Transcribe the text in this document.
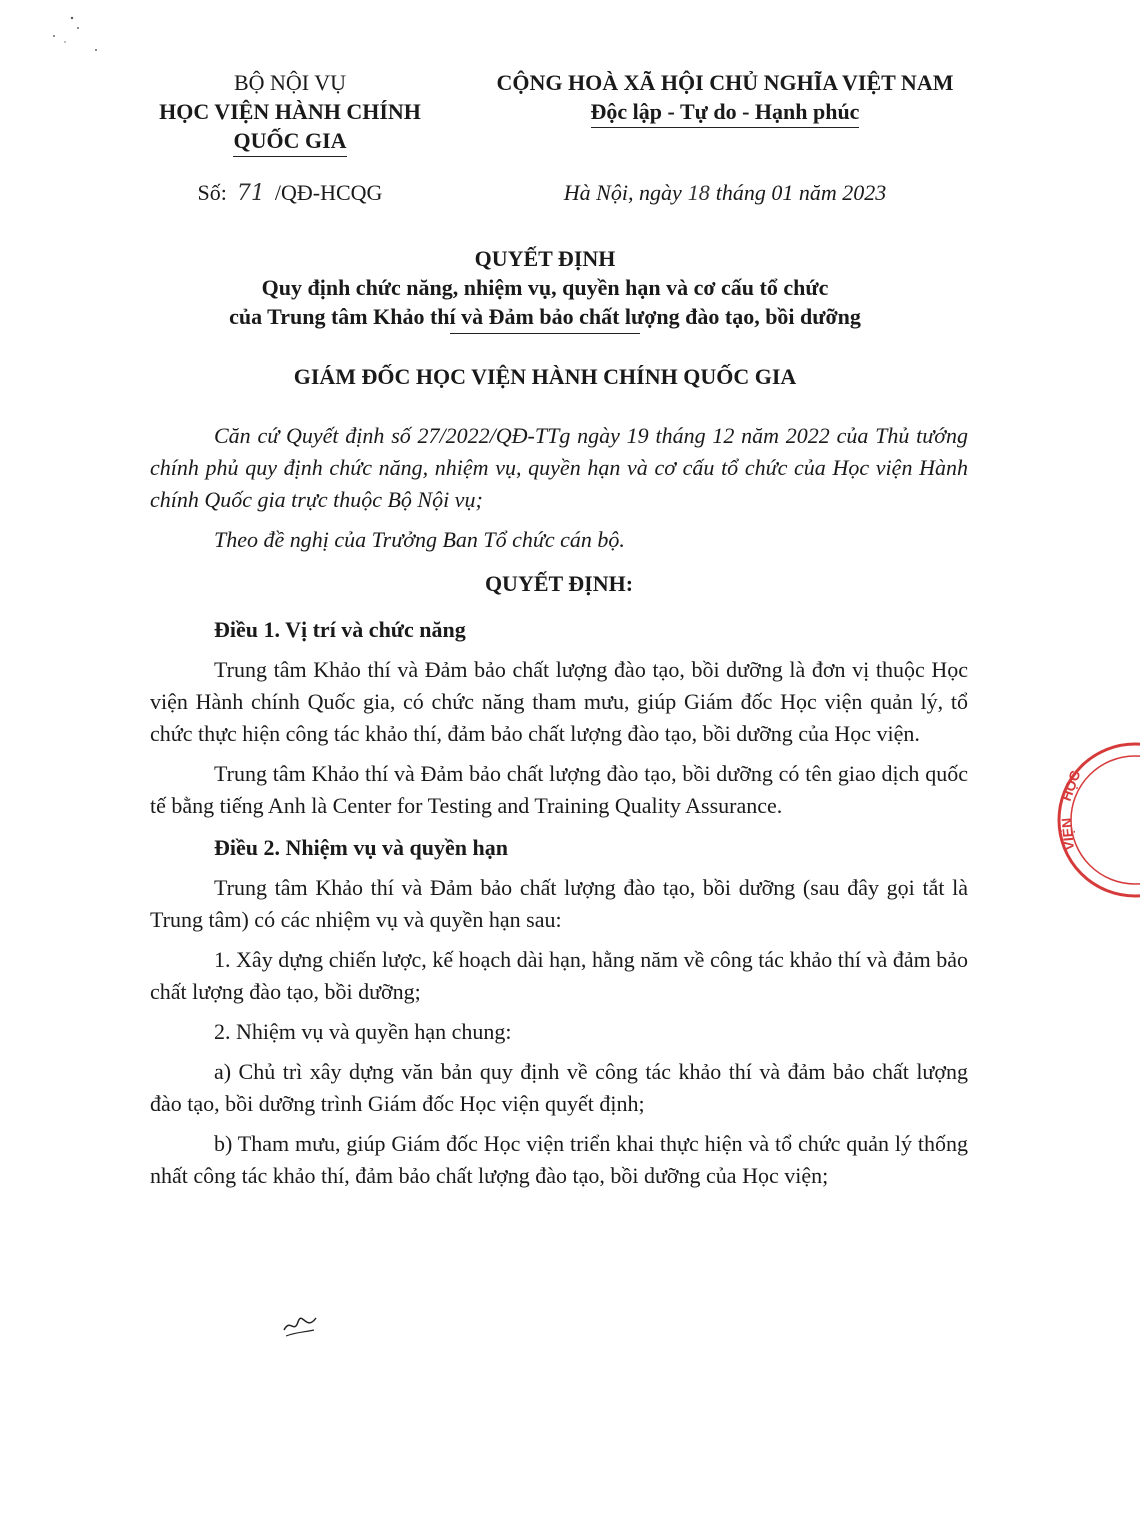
BỘ NỘI VỤ
HỌC VIỆN HÀNH CHÍNH
QUỐC GIA
CỘNG HOÀ XÃ HỘI CHỦ NGHĨA VIỆT NAM
Độc lập - Tự do - Hạnh phúc
Số: 71 /QĐ-HCQG	Hà Nội, ngày 18 tháng 01 năm 2023
QUYẾT ĐỊNH
Quy định chức năng, nhiệm vụ, quyền hạn và cơ cấu tổ chức
của Trung tâm Khảo thí và Đảm bảo chất lượng đào tạo, bồi dưỡng
GIÁM ĐỐC HỌC VIỆN HÀNH CHÍNH QUỐC GIA

Căn cứ Quyết định số 27/2022/QĐ-TTg ngày 19 tháng 12 năm 2022 của Thủ tướng chính phủ quy định chức năng, nhiệm vụ, quyền hạn và cơ cấu tổ chức của Học viện Hành chính Quốc gia trực thuộc Bộ Nội vụ;

Theo đề nghị của Trưởng Ban Tổ chức cán bộ.

QUYẾT ĐỊNH:

Điều 1. Vị trí và chức năng

Trung tâm Khảo thí và Đảm bảo chất lượng đào tạo, bồi dưỡng là đơn vị thuộc Học viện Hành chính Quốc gia, có chức năng tham mưu, giúp Giám đốc Học viện quản lý, tổ chức thực hiện công tác khảo thí, đảm bảo chất lượng đào tạo, bồi dưỡng của Học viện.

Trung tâm Khảo thí và Đảm bảo chất lượng đào tạo, bồi dưỡng có tên giao dịch quốc tế bằng tiếng Anh là Center for Testing and Training Quality Assurance.

Điều 2. Nhiệm vụ và quyền hạn

Trung tâm Khảo thí và Đảm bảo chất lượng đào tạo, bồi dưỡng (sau đây gọi tắt là Trung tâm) có các nhiệm vụ và quyền hạn sau:

1. Xây dựng chiến lược, kế hoạch dài hạn, hằng năm về công tác khảo thí và đảm bảo chất lượng đào tạo, bồi dưỡng;

2. Nhiệm vụ và quyền hạn chung:

a) Chủ trì xây dựng văn bản quy định về công tác khảo thí và đảm bảo chất lượng đào tạo, bồi dưỡng trình Giám đốc Học viện quyết định;

b) Tham mưu, giúp Giám đốc Học viện triển khai thực hiện và tổ chức quản lý thống nhất công tác khảo thí, đảm bảo chất lượng đào tạo, bồi dưỡng của Học viện;

HỌC
VIỆN
